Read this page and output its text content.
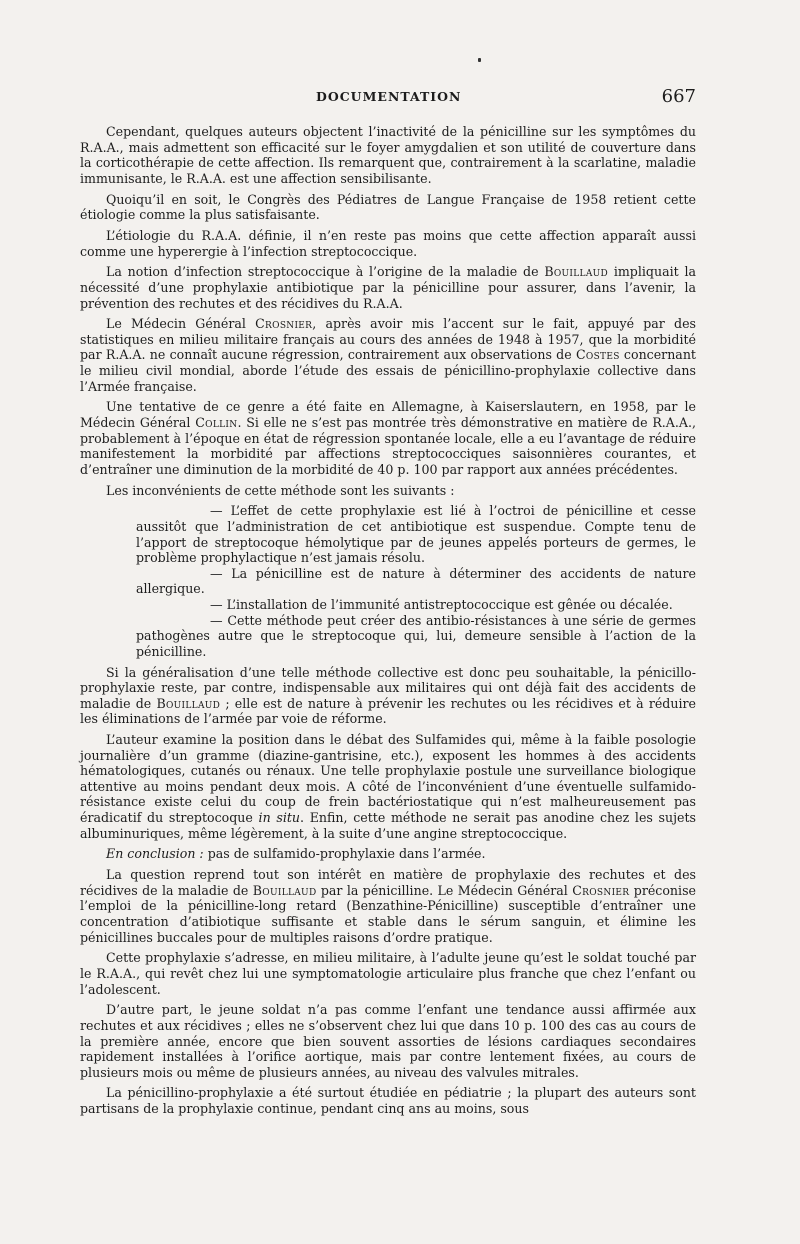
DOCUMENTATION	667

Cependant, quelques auteurs objectent l’inactivité de la pénicilline sur les symptômes du R.A.A., mais admettent son efficacité sur le foyer amygdalien et son utilité de couverture dans la corticothérapie de cette affection. Ils remarquent que, contrairement à la scarlatine, maladie immunisante, le R.A.A. est une affection sensibilisante.

Quoiqu’il en soit, le Congrès des Pédiatres de Langue Française de 1958 retient cette étiologie comme la plus satisfaisante.

L’étiologie du R.A.A. définie, il n’en reste pas moins que cette affection apparaît aussi comme une hyperergie à l’infection streptococcique.

La notion d’infection streptococcique à l’origine de la maladie de Bouillaud impliquait la nécessité d’une prophylaxie antibiotique par la pénicilline pour assurer, dans l’avenir, la prévention des rechutes et des récidives du R.A.A.

Le Médecin Général Crosnier, après avoir mis l’accent sur le fait, appuyé par des statistiques en milieu militaire français au cours des années de 1948 à 1957, que la morbidité par R.A.A. ne connaît aucune régression, contrairement aux observations de Costes concernant le milieu civil mondial, aborde l’étude des essais de pénicillino-prophylaxie collective dans l’Armée française.

Une tentative de ce genre a été faite en Allemagne, à Kaiserslautern, en 1958, par le Médecin Général Collin. Si elle ne s’est pas montrée très démonstrative en matière de R.A.A., probablement à l’époque en état de régression spontanée locale, elle a eu l’avantage de réduire manifestement la morbidité par affections streptococciques saisonnières courantes, et d’entraîner une diminution de la morbidité de 40 p. 100 par rapport aux années précédentes.

Les inconvénients de cette méthode sont les suivants :

— L’effet de cette prophylaxie est lié à l’octroi de pénicilline et cesse aussitôt que l’administration de cet antibiotique est suspendue. Compte tenu de l’apport de streptocoque hémolytique par de jeunes appelés porteurs de germes, le problème prophylactique n’est jamais résolu.

— La pénicilline est de nature à déterminer des accidents de nature allergique.

— L’installation de l’immunité antistreptococcique est gênée ou décalée.

— Cette méthode peut créer des antibio-résistances à une série de germes pathogènes autre que le streptocoque qui, lui, demeure sensible à l’action de la pénicilline.

Si la généralisation d’une telle méthode collective est donc peu souhaitable, la pénicillo-prophylaxie reste, par contre, indispensable aux militaires qui ont déjà fait des accidents de maladie de Bouillaud ; elle est de nature à prévenir les rechutes ou les récidives et à réduire les éliminations de l’armée par voie de réforme.

L’auteur examine la position dans le débat des Sulfamides qui, même à la faible posologie journalière d’un gramme (diazine-gantrisine, etc.), exposent les hommes à des accidents hématologiques, cutanés ou rénaux. Une telle prophylaxie postule une surveillance biologique attentive au moins pendant deux mois. A côté de l’inconvénient d’une éventuelle sulfamido-résistance existe celui du coup de frein bactériostatique qui n’est malheureusement pas éradicatif du streptocoque in situ. Enfin, cette méthode ne serait pas anodine chez les sujets albuminuriques, même légèrement, à la suite d’une angine streptococcique.

En conclusion : pas de sulfamido-prophylaxie dans l’armée.

La question reprend tout son intérêt en matière de prophylaxie des rechutes et des récidives de la maladie de Bouillaud par la pénicilline. Le Médecin Général Crosnier préconise l’emploi de la pénicilline-long retard (Benzathine-Pénicilline) susceptible d’entraîner une concentration d’atibiotique suffisante et stable dans le sérum sanguin, et élimine les pénicillines buccales pour de multiples raisons d’ordre pratique.

Cette prophylaxie s’adresse, en milieu militaire, à l’adulte jeune qu’est le soldat touché par le R.A.A., qui revêt chez lui une symptomatologie articulaire plus franche que chez l’enfant ou l’adolescent.

D’autre part, le jeune soldat n’a pas comme l’enfant une tendance aussi affirmée aux rechutes et aux récidives ; elles ne s’observent chez lui que dans 10 p. 100 des cas au cours de la première année, encore que bien souvent assorties de lésions cardiaques secondaires rapidement installées à l’orifice aortique, mais par contre lentement fixées, au cours de plusieurs mois ou même de plusieurs années, au niveau des valvules mitrales.

La pénicillino-prophylaxie a été surtout étudiée en pédiatrie ; la plupart des auteurs sont partisans de la prophylaxie continue, pendant cinq ans au moins, sous
